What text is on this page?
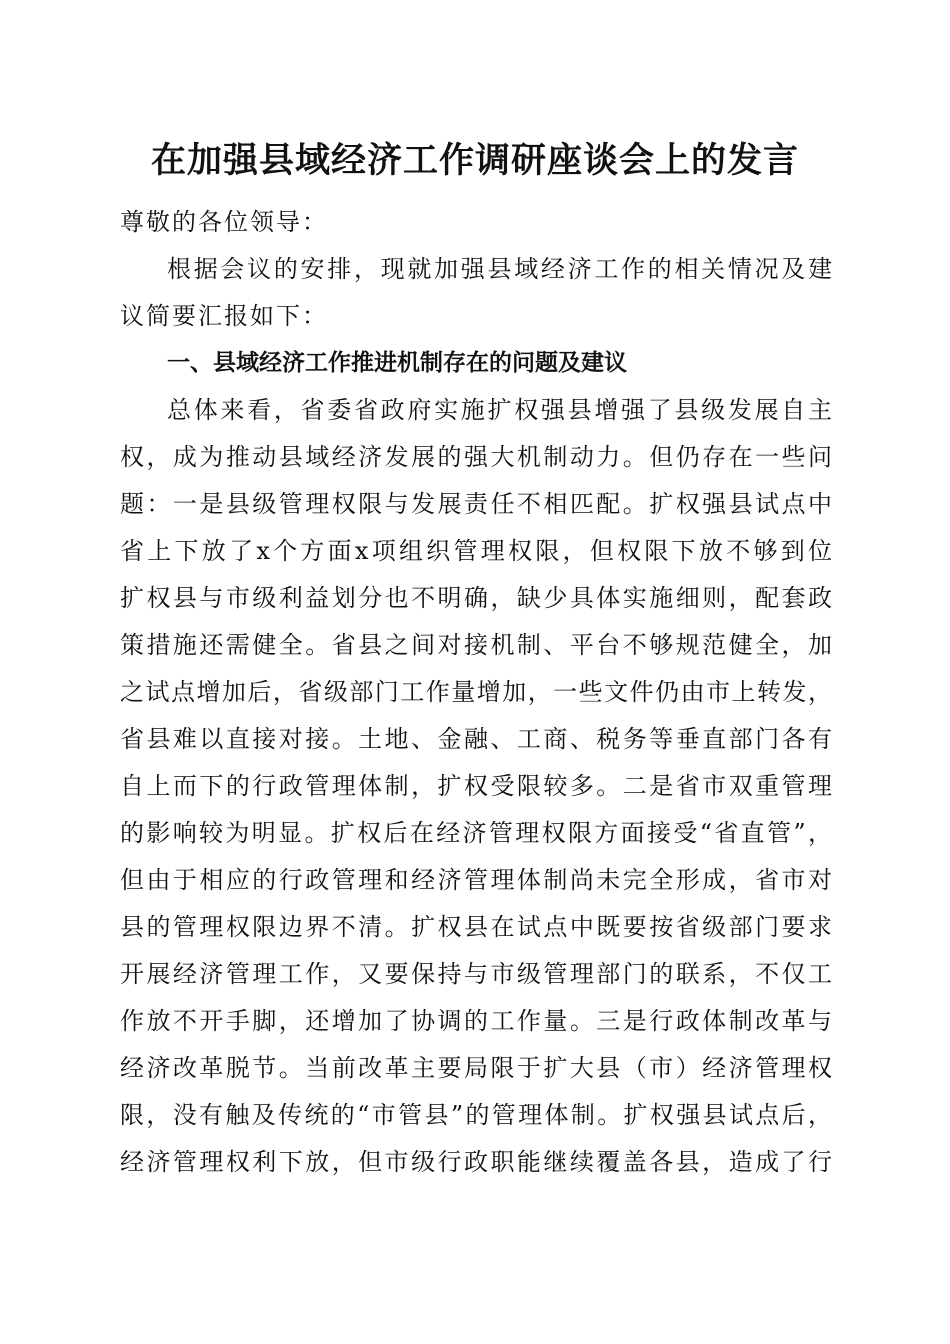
在加强县域经济工作调研座谈会上的发言

尊敬的各位领导：

根据会议的安排，现就加强县域经济工作的相关情况及建

议简要汇报如下：

一、县域经济工作推进机制存在的问题及建议

总体来看，省委省政府实施扩权强县增强了县级发展自主

权，成为推动县域经济发展的强大机制动力。但仍存在一些问

题：一是县级管理权限与发展责任不相匹配。扩权强县试点中

省上下放了x个方面x项组织管理权限，但权限下放不够到位

扩权县与市级利益划分也不明确，缺少具体实施细则，配套政

策措施还需健全。省县之间对接机制、平台不够规范健全，加

之试点增加后，省级部门工作量增加，一些文件仍由市上转发，

省县难以直接对接。土地、金融、工商、税务等垂直部门各有

自上而下的行政管理体制，扩权受限较多。二是省市双重管理

的影响较为明显。扩权后在经济管理权限方面接受“省直管”，

但由于相应的行政管理和经济管理体制尚未完全形成，省市对

县的管理权限边界不清。扩权县在试点中既要按省级部门要求

开展经济管理工作，又要保持与市级管理部门的联系，不仅工

作放不开手脚，还增加了协调的工作量。三是行政体制改革与

经济改革脱节。当前改革主要局限于扩大县（市）经济管理权

限，没有触及传统的“市管县”的管理体制。扩权强县试点后，

经济管理权利下放，但市级行政职能继续覆盖各县，造成了行
